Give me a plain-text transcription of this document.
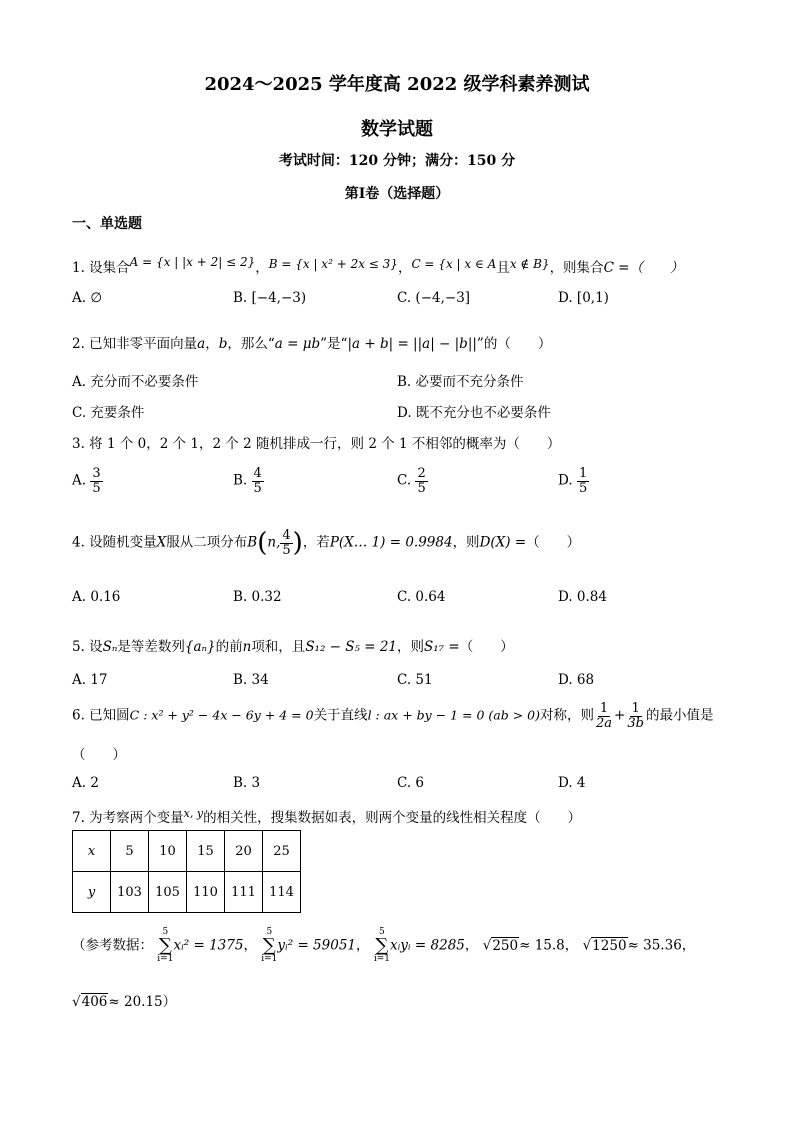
2024～2025 学年度高 2022 级学科素养测试
数学试题
考试时间：120 分钟；满分：150 分
第Ⅰ卷（选择题）
一、单选题
1. 设集合A = {x | |x + 2| ≤ 2}，B = {x | x² + 2x ≤ 3}，C = {x | x ∈ A且x ∉ B}，则集合C =（　　）
A. ∅	B. [−4,−3)	C. (−4,−3]	D. [0,1)
2. 已知非零平面向量a，b，那么“a = μb”是“|a + b| = ||a| − |b||”的（　　）
A. 充分而不必要条件	B. 必要而不充分条件
C. 充要条件	D. 既不充分也不必要条件
3. 将 1 个 0，2 个 1，2 个 2 随机排成一行，则 2 个 1 不相邻的概率为（　　）
A. $\frac{3}{5}$	B. $\frac{4}{5}$	C. $\frac{2}{5}$	D. $\frac{1}{5}$
4. 设随机变量X服从二项分布B(n, $\frac{4}{5}$ )，若P(X… 1) = 0.9984，则D(X) =（　　）
A. 0.16	B. 0.32	C. 0.64	D. 0.84
5. 设Sₙ是等差数列{aₙ}的前n项和，且S₁₂ − S₅ = 21，则S₁₇ =（　　）
A. 17	B. 34	C. 51	D. 68
6. 已知圆C : x² + y² − 4x − 6y + 4 = 0关于直线l : ax + by − 1 = 0 (ab > 0)对称，则 $\frac{1}{2a} + \frac{1}{3b}$ 的最小值是
（　　）
A. 2	B. 3	C. 6	D. 4
7. 为考察两个变量$^{x, y}$的相关性，搜集数据如表，则两个变量的线性相关程度（　　）
x	5	10	15	20	25
y	103	105	110	111	114
（参考数据：
5
∑
i=1
xᵢ² = 1375，
5
∑
i=1
yᵢ² = 59051，
5
∑
i=1
xᵢyᵢ = 8285， √250≈ 15.8， √1250≈ 35.36，
√406≈ 20.15）
